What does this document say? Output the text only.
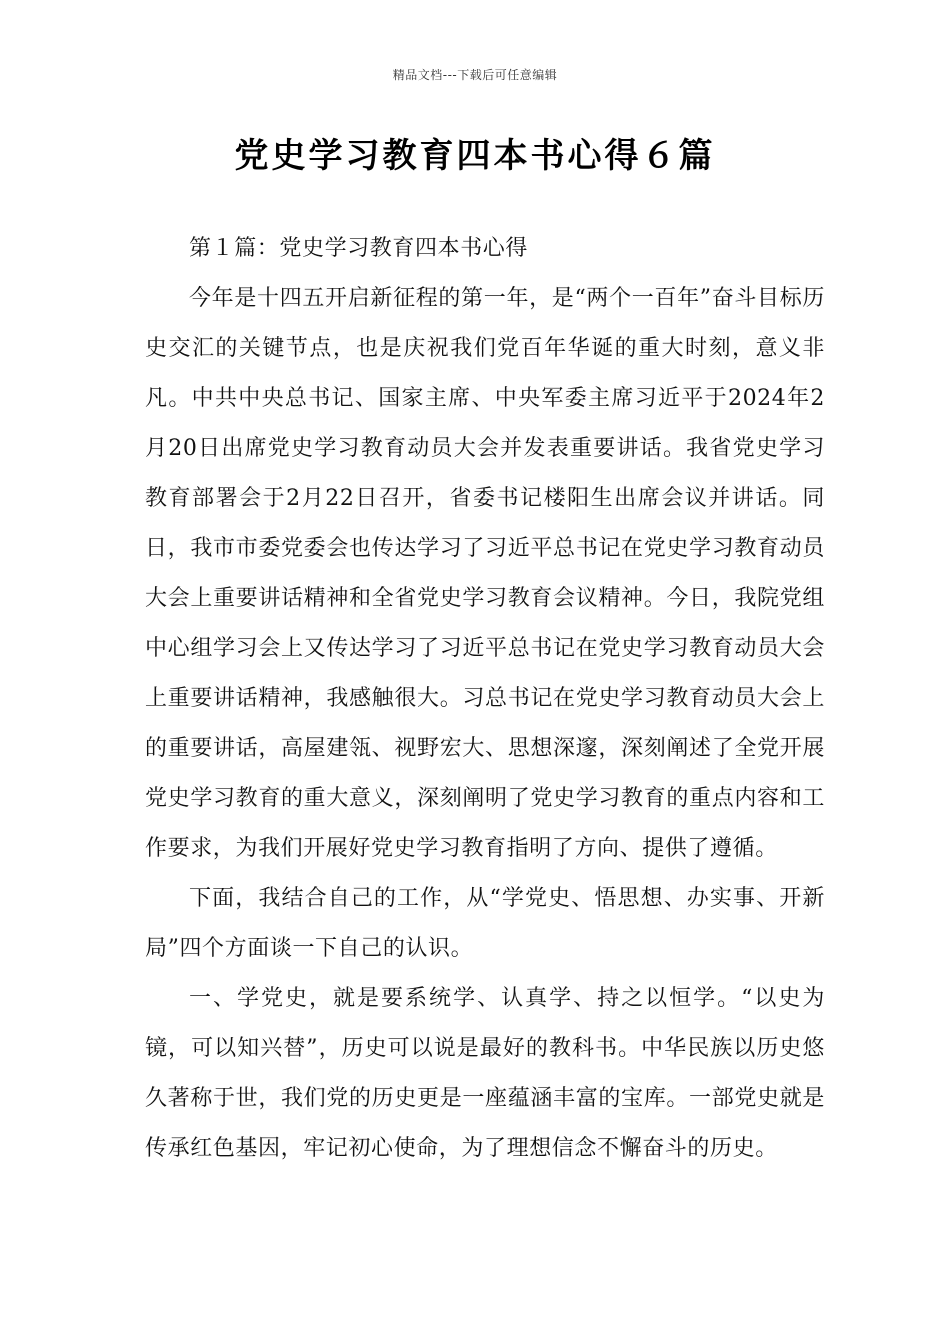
精品文档---下载后可任意编辑
党史学习教育四本书心得６篇

第１篇：党史学习教育四本书心得

今年是十四五开启新征程的第一年，是“两个一百年”奋斗目标历史交汇的关键节点，也是庆祝我们党百年华诞的重大时刻，意义非凡。中共中央总书记、国家主席、中央军委主席习近平于2024年2月20日出席党史学习教育动员大会并发表重要讲话。我省党史学习教育部署会于2月22日召开，省委书记楼阳生出席会议并讲话。同日，我市市委党委会也传达学习了习近平总书记在党史学习教育动员大会上重要讲话精神和全省党史学习教育会议精神。今日，我院党组中心组学习会上又传达学习了习近平总书记在党史学习教育动员大会上重要讲话精神，我感触很大。习总书记在党史学习教育动员大会上的重要讲话，高屋建瓴、视野宏大、思想深邃，深刻阐述了全党开展党史学习教育的重大意义，深刻阐明了党史学习教育的重点内容和工作要求，为我们开展好党史学习教育指明了方向、提供了遵循。

下面，我结合自己的工作，从“学党史、悟思想、办实事、开新局”四个方面谈一下自己的认识。

一、学党史，就是要系统学、认真学、持之以恒学。“以史为镜，可以知兴替”，历史可以说是最好的教科书。中华民族以历史悠久著称于世，我们党的历史更是一座蕴涵丰富的宝库。一部党史就是传承红色基因，牢记初心使命，为了理想信念不懈奋斗的历史。
